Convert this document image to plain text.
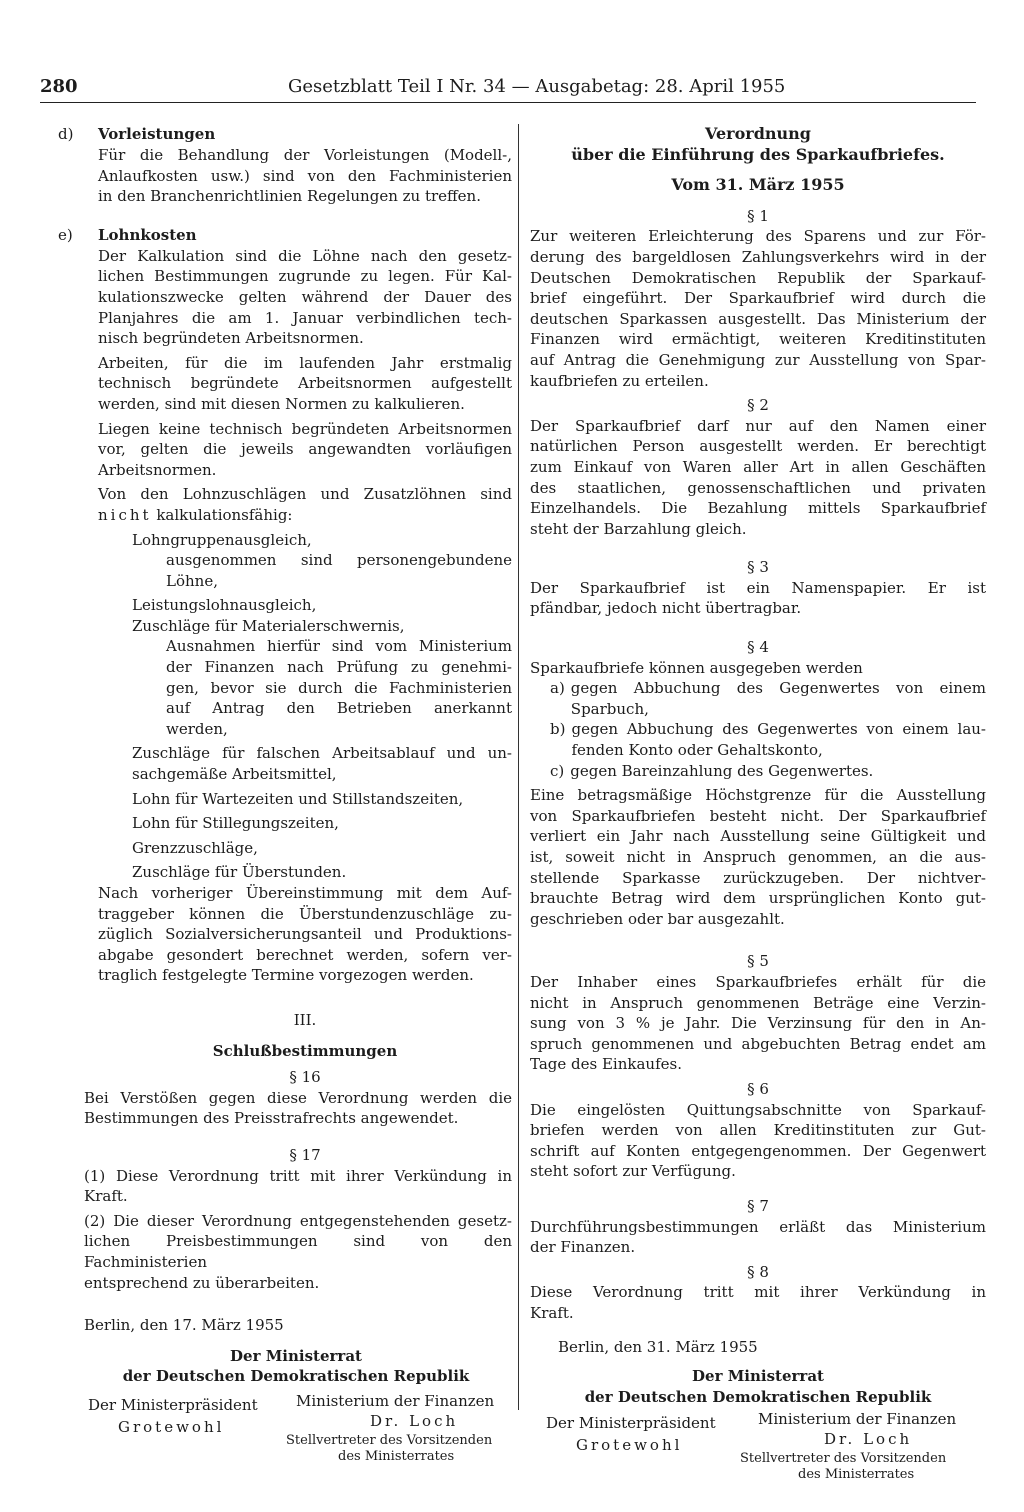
280	Gesetzblatt Teil I Nr. 34 — Ausgabetag: 28. April 1955
d) Vorleistungen

Für die Behandlung der Vorleistungen (Modell-,

Anlaufkosten usw.) sind von den Fachministerien

in den Branchenrichtlinien Regelungen zu treffen.

e) Lohnkosten

Der Kalkulation sind die Löhne nach den gesetz-

lichen Bestimmungen zugrunde zu legen. Für Kal-

kulationszwecke gelten während der Dauer des

Planjahres die am 1. Januar verbindlichen tech-

nisch begründeten Arbeitsnormen.

Arbeiten, für die im laufenden Jahr erstmalig

technisch begründete Arbeitsnormen aufgestellt

werden, sind mit diesen Normen zu kalkulieren.

Liegen keine technisch begründeten Arbeitsnormen

vor, gelten die jeweils angewandten vorläufigen

Arbeitsnormen.

Von den Lohnzuschlägen und Zusatzlöhnen sind

nicht kalkulationsfähig:

Lohngruppenausgleich,

ausgenommen sind personengebundene

Löhne,

Leistungslohnausgleich,

Zuschläge für Materialerschwernis,

Ausnahmen hierfür sind vom Ministerium

der Finanzen nach Prüfung zu genehmi-

gen, bevor sie durch die Fachministerien

auf Antrag den Betrieben anerkannt

werden,

Zuschläge für falschen Arbeitsablauf und un-

sachgemäße Arbeitsmittel,

Lohn für Wartezeiten und Stillstandszeiten,

Lohn für Stillegungszeiten,

Grenzzuschläge,

Zuschläge für Überstunden.

Nach vorheriger Übereinstimmung mit dem Auf-

traggeber können die Überstundenzuschläge zu-

züglich Sozialversicherungsanteil und Produktions-

abgabe gesondert berechnet werden, sofern ver-

traglich festgelegte Termine vorgezogen werden.

III.

Schlußbestimmungen

§ 16

Bei Verstößen gegen diese Verordnung werden die

Bestimmungen des Preisstrafrechts angewendet.

§ 17

(1) Diese Verordnung tritt mit ihrer Verkündung in

Kraft.

(2) Die dieser Verordnung entgegenstehenden gesetz-

lichen Preisbestimmungen sind von den Fachministerien

entsprechend zu überarbeiten.

Berlin, den 17. März 1955

Der Ministerrat

der Deutschen Demokratischen Republik

Der Ministerpräsident
Grotewohl
Ministerium der Finanzen
Dr. Loch
Stellvertreter des Vorsitzenden
des Ministerrates

Verordnung

über die Einführung des Sparkaufbriefes.

Vom 31. März 1955

§ 1

Zur weiteren Erleichterung des Sparens und zur För-

derung des bargeldlosen Zahlungsverkehrs wird in der

Deutschen Demokratischen Republik der Sparkauf-

brief eingeführt. Der Sparkaufbrief wird durch die

deutschen Sparkassen ausgestellt. Das Ministerium der

Finanzen wird ermächtigt, weiteren Kreditinstituten

auf Antrag die Genehmigung zur Ausstellung von Spar-

kaufbriefen zu erteilen.

§ 2

Der Sparkaufbrief darf nur auf den Namen einer

natürlichen Person ausgestellt werden. Er berechtigt

zum Einkauf von Waren aller Art in allen Geschäften

des staatlichen, genossenschaftlichen und privaten

Einzelhandels. Die Bezahlung mittels Sparkaufbrief

steht der Barzahlung gleich.

§ 3

Der Sparkaufbrief ist ein Namenspapier. Er ist

pfändbar, jedoch nicht übertragbar.

§ 4

Sparkaufbriefe können ausgegeben werden

a) gegen Abbuchung des Gegenwertes von einem

Sparbuch,

b) gegen Abbuchung des Gegenwertes von einem lau-

fenden Konto oder Gehaltskonto,

c) gegen Bareinzahlung des Gegenwertes.

Eine betragsmäßige Höchstgrenze für die Ausstellung

von Sparkaufbriefen besteht nicht. Der Sparkaufbrief

verliert ein Jahr nach Ausstellung seine Gültigkeit und

ist, soweit nicht in Anspruch genommen, an die aus-

stellende Sparkasse zurückzugeben. Der nichtver-

brauchte Betrag wird dem ursprünglichen Konto gut-

geschrieben oder bar ausgezahlt.

§ 5

Der Inhaber eines Sparkaufbriefes erhält für die

nicht in Anspruch genommenen Beträge eine Verzin-

sung von 3 % je Jahr. Die Verzinsung für den in An-

spruch genommenen und abgebuchten Betrag endet am

Tage des Einkaufes.

§ 6

Die eingelösten Quittungsabschnitte von Sparkauf-

briefen werden von allen Kreditinstituten zur Gut-

schrift auf Konten entgegengenommen. Der Gegenwert

steht sofort zur Verfügung.

§ 7

Durchführungsbestimmungen erläßt das Ministerium

der Finanzen.

§ 8

Diese Verordnung tritt mit ihrer Verkündung in

Kraft.

Berlin, den 31. März 1955

Der Ministerrat

der Deutschen Demokratischen Republik

Der Ministerpräsident
Grotewohl
Ministerium der Finanzen
Dr. Loch
Stellvertreter des Vorsitzenden
des Ministerrates
